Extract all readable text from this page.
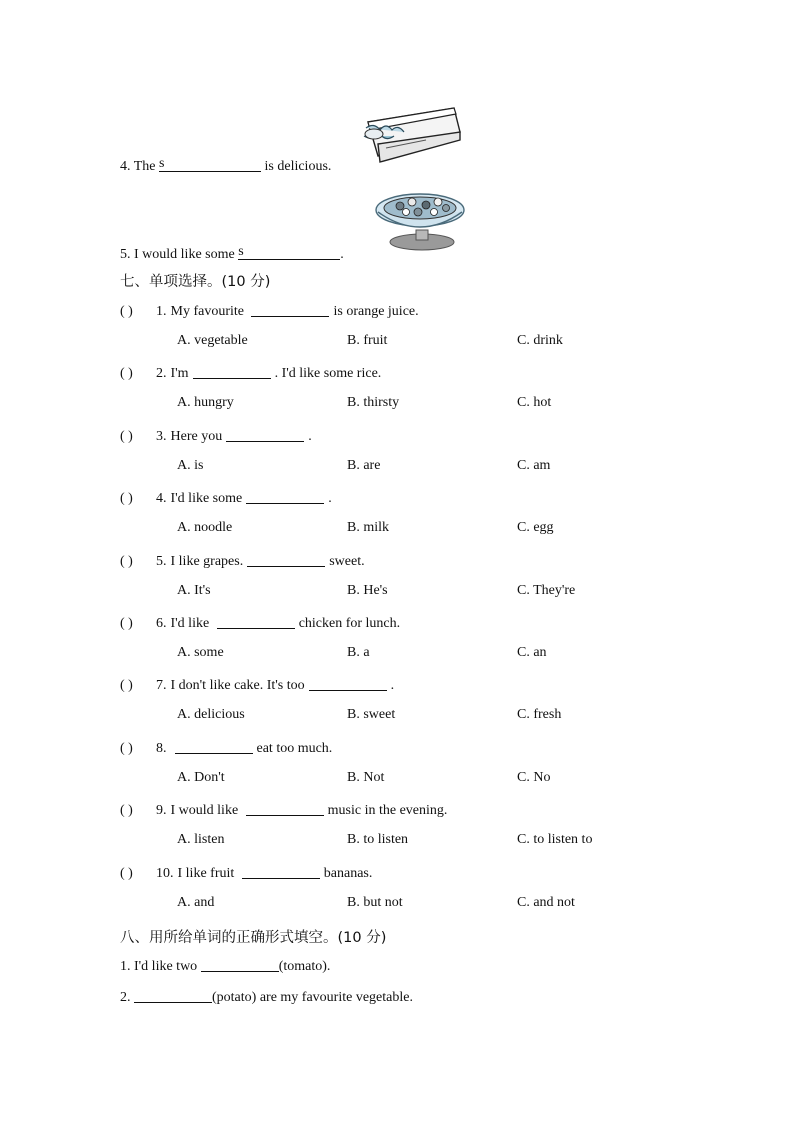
4. The s	is delicious.
5. I would like some s	.
七、单项选择。(10 分)
( ) 1. My favourite	is orange juice.
A. vegetable	B. fruit	C. drink
( ) 2. I'm	. I'd like some rice.
A. hungry	B. thirsty	C. hot
( ) 3. Here you	.
A. is	B. are	C. am
( ) 4. I'd like some	.
A. noodle	B. milk	C. egg
( ) 5. I like grapes.	sweet.
A. It's	B. He's	C. They're
( ) 6. I'd like	chicken for lunch.
A. some	B. a	C. an
( ) 7. I don't like cake. It's too	.
A. delicious	B. sweet	C. fresh
( ) 8.	eat too much.
A. Don't	B. Not	C. No
( ) 9. I would like	music in the evening.
A. listen	B. to listen	C. to listen to
( ) 10. I like fruit	bananas.
A. and	B. but not	C. and not
八、用所给单词的正确形式填空。(10 分)
1. I'd like two	(tomato).
2.	(potato) are my favourite vegetable.
